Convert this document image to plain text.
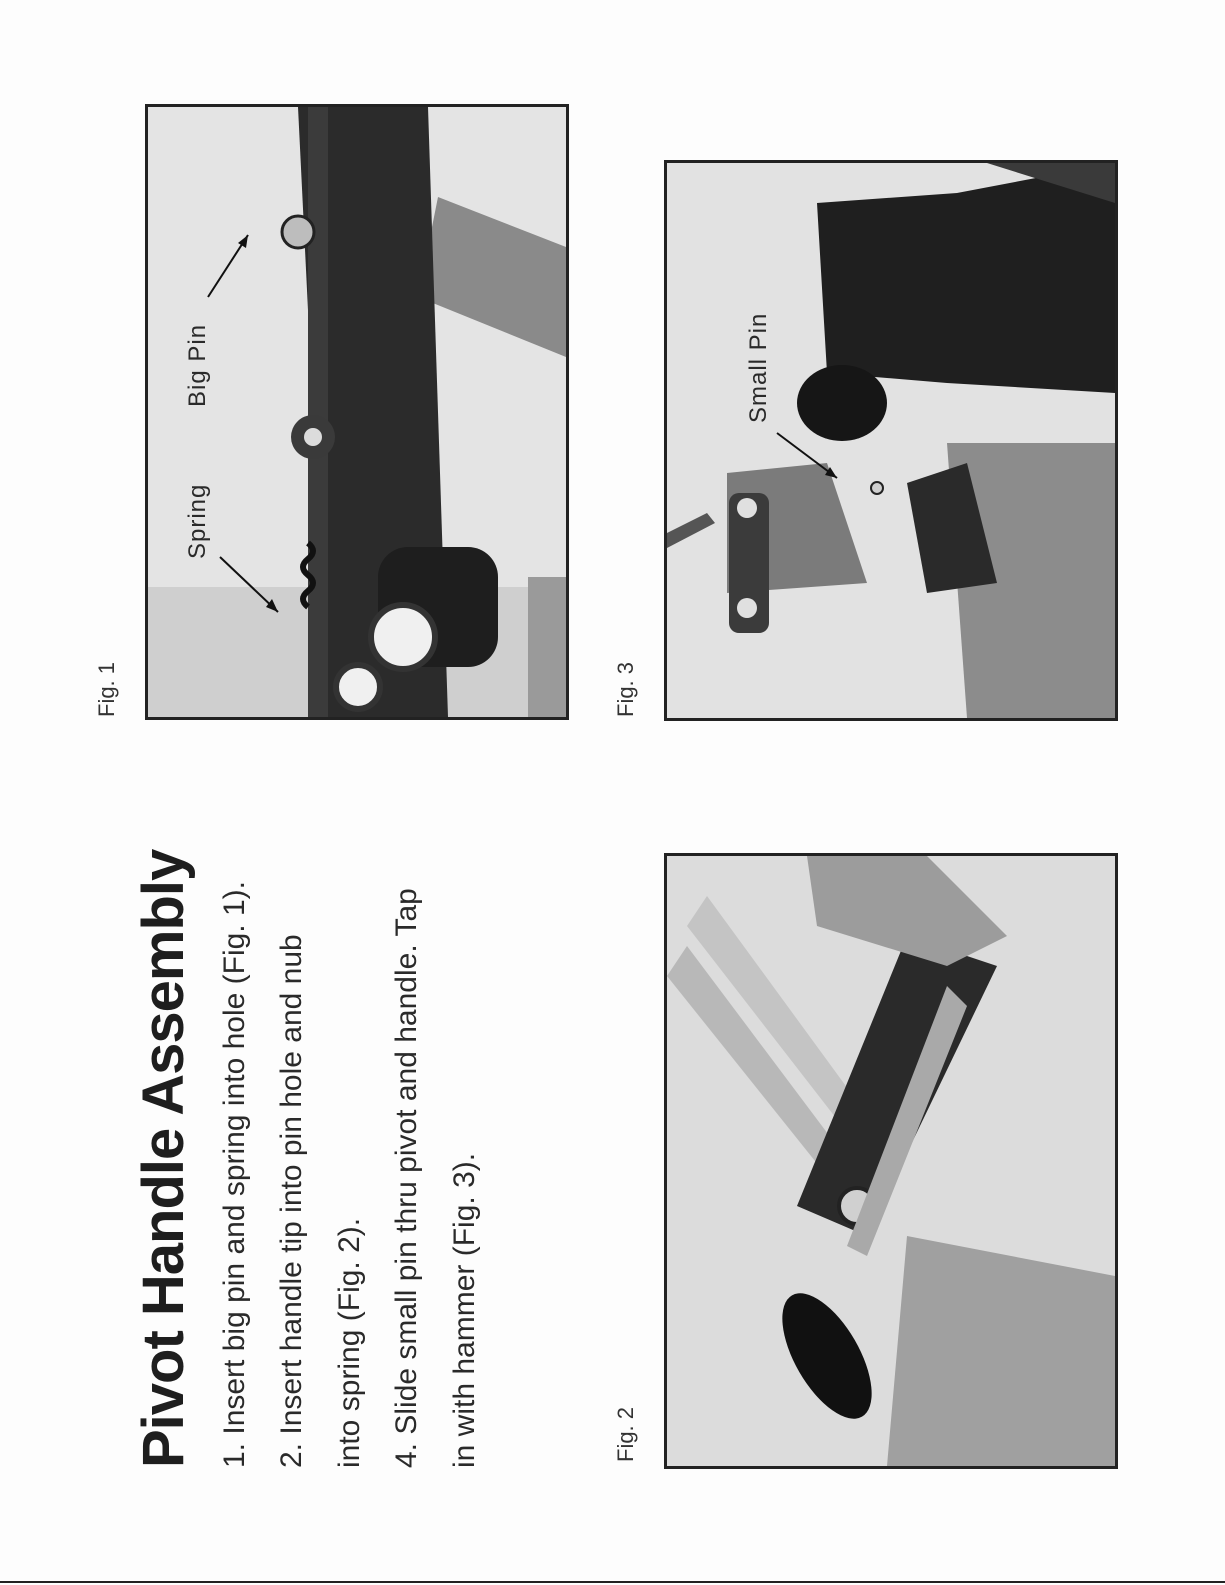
Pivot Handle Assembly 1. Insert big pin and spring into hole (Fig. 1). 2. Insert handle tip into pin hole and nub into spring (Fig. 2). 4. Slide small pin thru pivot and handle. Tap in with hammer (Fig. 3).
Fig. 1
Fig. 2
Fig. 3
Spring
Big Pin	Small Pin
